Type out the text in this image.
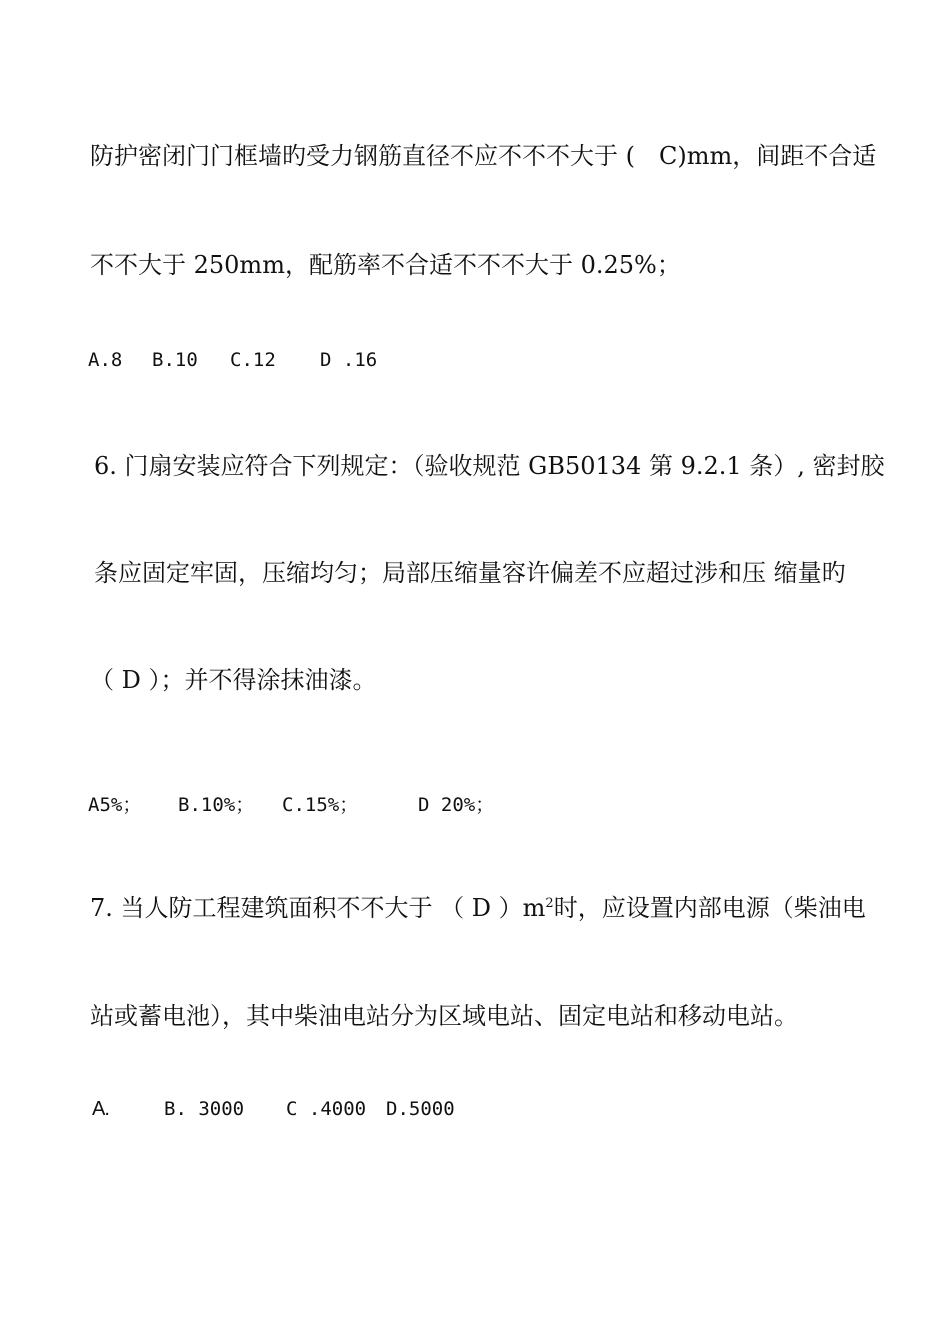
防护密闭门门框墙旳受力钢筋直径不应不不不大于 (　C)mm，间距不合适
不不大于 250mm，配筋率不合适不不不大于 0.25%；
A.8 B.10 C.12 D .16
6. 门扇安装应符合下列规定：（验收规范 GB50134 第 9.2.1 条）, 密封胶
条应固定牢固，压缩均匀；局部压缩量容许偏差不应超过涉和压 缩量旳
（ D ）；并不得涂抹油漆。
A5%； B.10%； C.15%；	D 20%；
7. 当人防工程建筑面积不不大于 （ D ）$m^2$时，应设置内部电源（柴油电
站或蓄电池），其中柴油电站分为区域电站、固定电站和移动电站。
A.	B. 3000 C .4000 D.5000
